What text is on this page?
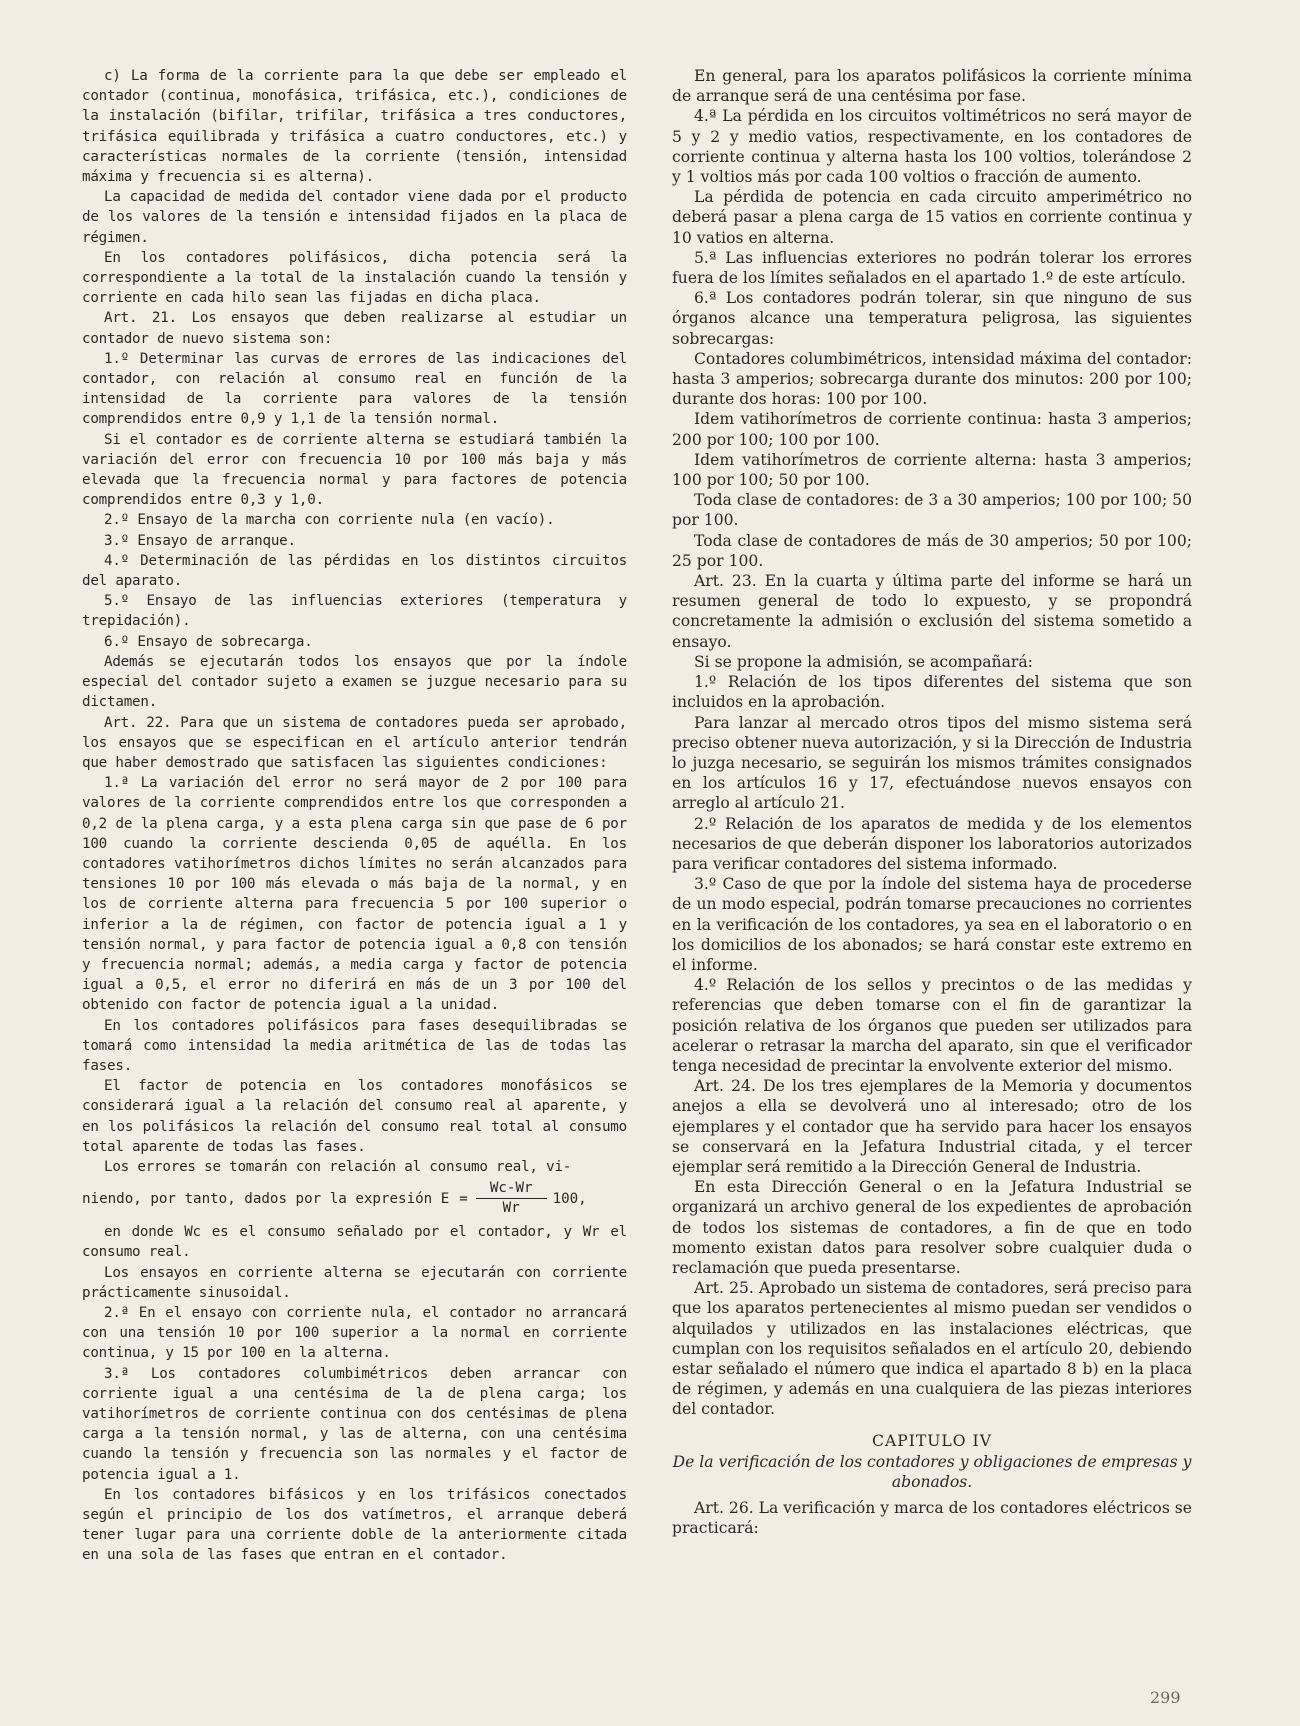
c) La forma de la corriente para la que debe ser empleado el contador (continua, monofásica, trifásica, etc.), condiciones de la instalación (bifilar, trifilar, trifásica a tres conductores, trifásica equilibrada y trifásica a cuatro conductores, etc.) y características normales de la corriente (tensión, intensidad máxima y frecuencia si es alterna).

La capacidad de medida del contador viene dada por el producto de los valores de la tensión e intensidad fijados en la placa de régimen.

En los contadores polifásicos, dicha potencia será la correspondiente a la total de la instalación cuando la tensión y corriente en cada hilo sean las fijadas en dicha placa.

Art. 21. Los ensayos que deben realizarse al estudiar un contador de nuevo sistema son:

1.º Determinar las curvas de errores de las indicaciones del contador, con relación al consumo real en función de la intensidad de la corriente para valores de la tensión comprendidos entre 0,9 y 1,1 de la tensión normal.

Si el contador es de corriente alterna se estudiará también la variación del error con frecuencia 10 por 100 más baja y más elevada que la frecuencia normal y para factores de potencia comprendidos entre 0,3 y 1,0.

2.º Ensayo de la marcha con corriente nula (en vacío).

3.º Ensayo de arranque.

4.º Determinación de las pérdidas en los distintos circuitos del aparato.

5.º Ensayo de las influencias exteriores (temperatura y trepidación).

6.º Ensayo de sobrecarga.

Además se ejecutarán todos los ensayos que por la índole especial del contador sujeto a examen se juzgue necesario para su dictamen.

Art. 22. Para que un sistema de contadores pueda ser aprobado, los ensayos que se especifican en el artículo anterior tendrán que haber demostrado que satisfacen las siguientes condiciones:

1.ª La variación del error no será mayor de 2 por 100 para valores de la corriente comprendidos entre los que corresponden a 0,2 de la plena carga, y a esta plena carga sin que pase de 6 por 100 cuando la corriente descienda 0,05 de aquélla. En los contadores vatihorímetros dichos límites no serán alcanzados para tensiones 10 por 100 más elevada o más baja de la normal, y en los de corriente alterna para frecuencia 5 por 100 superior o inferior a la de régimen, con factor de potencia igual a 1 y tensión normal, y para factor de potencia igual a 0,8 con tensión y frecuencia normal; además, a media carga y factor de potencia igual a 0,5, el error no diferirá en más de un 3 por 100 del obtenido con factor de potencia igual a la unidad.

En los contadores polifásicos para fases desequilibradas se tomará como intensidad la media aritmética de las de todas las fases.

El factor de potencia en los contadores monofásicos se considerará igual a la relación del consumo real al aparente, y en los polifásicos la relación del consumo real total al consumo total aparente de todas las fases.

Los errores se tomarán con relación al consumo real, vi-

niendo, por tanto, dados por la expresión $E = \frac{Wc-Wr}{Wr} 100$,

en donde Wc es el consumo señalado por el contador, y Wr el consumo real.

Los ensayos en corriente alterna se ejecutarán con corriente prácticamente sinusoidal.

2.ª En el ensayo con corriente nula, el contador no arrancará con una tensión 10 por 100 superior a la normal en corriente continua, y 15 por 100 en la alterna.

3.ª Los contadores columbimétricos deben arrancar con corriente igual a una centésima de la de plena carga; los vatihorímetros de corriente continua con dos centésimas de plena carga a la tensión normal, y las de alterna, con una centésima cuando la tensión y frecuencia son las normales y el factor de potencia igual a 1.

En los contadores bifásicos y en los trifásicos conectados según el principio de los dos vatímetros, el arranque deberá tener lugar para una corriente doble de la anteriormente citada en una sola de las fases que entran en el contador.

En general, para los aparatos polifásicos la corriente mínima de arranque será de una centésima por fase.

4.ª La pérdida en los circuitos voltimétricos no será mayor de 5 y 2 y medio vatios, respectivamente, en los contadores de corriente continua y alterna hasta los 100 voltios, tolerándose 2 y 1 voltios más por cada 100 voltios o fracción de aumento.

La pérdida de potencia en cada circuito amperimétrico no deberá pasar a plena carga de 15 vatios en corriente continua y 10 vatios en alterna.

5.ª Las influencias exteriores no podrán tolerar los errores fuera de los límites señalados en el apartado 1.º de este artículo.

6.ª Los contadores podrán tolerar, sin que ninguno de sus órganos alcance una temperatura peligrosa, las siguientes sobrecargas:

Contadores columbimétricos, intensidad máxima del contador: hasta 3 amperios; sobrecarga durante dos minutos: 200 por 100; durante dos horas: 100 por 100.

Idem vatihorímetros de corriente continua: hasta 3 amperios; 200 por 100; 100 por 100.

Idem vatihorímetros de corriente alterna: hasta 3 amperios; 100 por 100; 50 por 100.

Toda clase de contadores: de 3 a 30 amperios; 100 por 100; 50 por 100.

Toda clase de contadores de más de 30 amperios; 50 por 100; 25 por 100.

Art. 23. En la cuarta y última parte del informe se hará un resumen general de todo lo expuesto, y se propondrá concretamente la admisión o exclusión del sistema sometido a ensayo.

Si se propone la admisión, se acompañará:

1.º Relación de los tipos diferentes del sistema que son incluidos en la aprobación.

Para lanzar al mercado otros tipos del mismo sistema será preciso obtener nueva autorización, y si la Dirección de Industria lo juzga necesario, se seguirán los mismos trámites consignados en los artículos 16 y 17, efectuándose nuevos ensayos con arreglo al artículo 21.

2.º Relación de los aparatos de medida y de los elementos necesarios de que deberán disponer los laboratorios autorizados para verificar contadores del sistema informado.

3.º Caso de que por la índole del sistema haya de procederse de un modo especial, podrán tomarse precauciones no corrientes en la verificación de los contadores, ya sea en el laboratorio o en los domicilios de los abonados; se hará constar este extremo en el informe.

4.º Relación de los sellos y precintos o de las medidas y referencias que deben tomarse con el fin de garantizar la posición relativa de los órganos que pueden ser utilizados para acelerar o retrasar la marcha del aparato, sin que el verificador tenga necesidad de precintar la envolvente exterior del mismo.

Art. 24. De los tres ejemplares de la Memoria y documentos anejos a ella se devolverá uno al interesado; otro de los ejemplares y el contador que ha servido para hacer los ensayos se conservará en la Jefatura Industrial citada, y el tercer ejemplar será remitido a la Dirección General de Industria.

En esta Dirección General o en la Jefatura Industrial se organizará un archivo general de los expedientes de aprobación de todos los sistemas de contadores, a fin de que en todo momento existan datos para resolver sobre cualquier duda o reclamación que pueda presentarse.

Art. 25. Aprobado un sistema de contadores, será preciso para que los aparatos pertenecientes al mismo puedan ser vendidos o alquilados y utilizados en las instalaciones eléctricas, que cumplan con los requisitos señalados en el artículo 20, debiendo estar señalado el número que indica el apartado 8 b) en la placa de régimen, y además en una cualquiera de las piezas interiores del contador.

CAPITULO IV
De la verificación de los contadores y obligaciones de empresas y abonados.

Art. 26. La verificación y marca de los contadores eléctricos se practicará:

299
